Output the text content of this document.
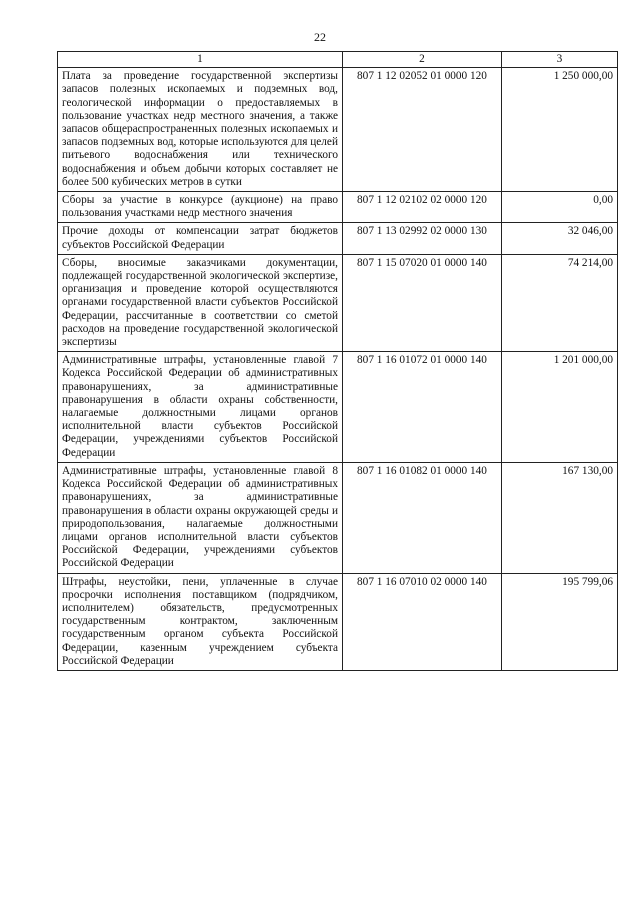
22
1	2	3
Плата за проведение государственной экспертизы запасов полезных ископаемых и подземных вод, геологической информации о предоставляемых в пользование участках недр местного значения, а также запасов общераспространенных полезных ископаемых и запасов подземных вод, которые используются для целей питьевого водоснабжения или технического водоснабжения и объем добычи которых составляет не более 500 кубических метров в сутки	807 1 12 02052 01 0000 120	1 250 000,00
Сборы за участие в конкурсе (аукционе) на право пользования участками недр местного значения	807 1 12 02102 02 0000 120	0,00
Прочие доходы от компенсации затрат бюджетов субъектов Российской Федерации	807 1 13 02992 02 0000 130	32 046,00
Сборы, вносимые заказчиками документации, подлежащей государственной экологической экспертизе, организация и проведение которой осуществляются органами государственной власти субъектов Российской Федерации, рассчитанные в соответствии со сметой расходов на проведение государственной экологической экспертизы	807 1 15 07020 01 0000 140	74 214,00
Административные штрафы, установленные главой 7 Кодекса Российской Федерации об административных правонарушениях, за административные правонарушения в области охраны собственности, налагаемые должностными лицами органов исполнительной власти субъектов Российской Федерации, учреждениями субъектов Российской Федерации	807 1 16 01072 01 0000 140	1 201 000,00
Административные штрафы, установленные главой 8 Кодекса Российской Федерации об административных правонарушениях, за административные правонарушения в области охраны окружающей среды и природопользования, налагаемые должностными лицами органов исполнительной власти субъектов Российской Федерации, учреждениями субъектов Российской Федерации	807 1 16 01082 01 0000 140	167 130,00
Штрафы, неустойки, пени, уплаченные в случае просрочки исполнения поставщиком (подрядчиком, исполнителем) обязательств, предусмотренных государственным контрактом, заключенным государственным органом субъекта Российской Федерации, казенным учреждением субъекта Российской Федерации	807 1 16 07010 02 0000 140	195 799,06
